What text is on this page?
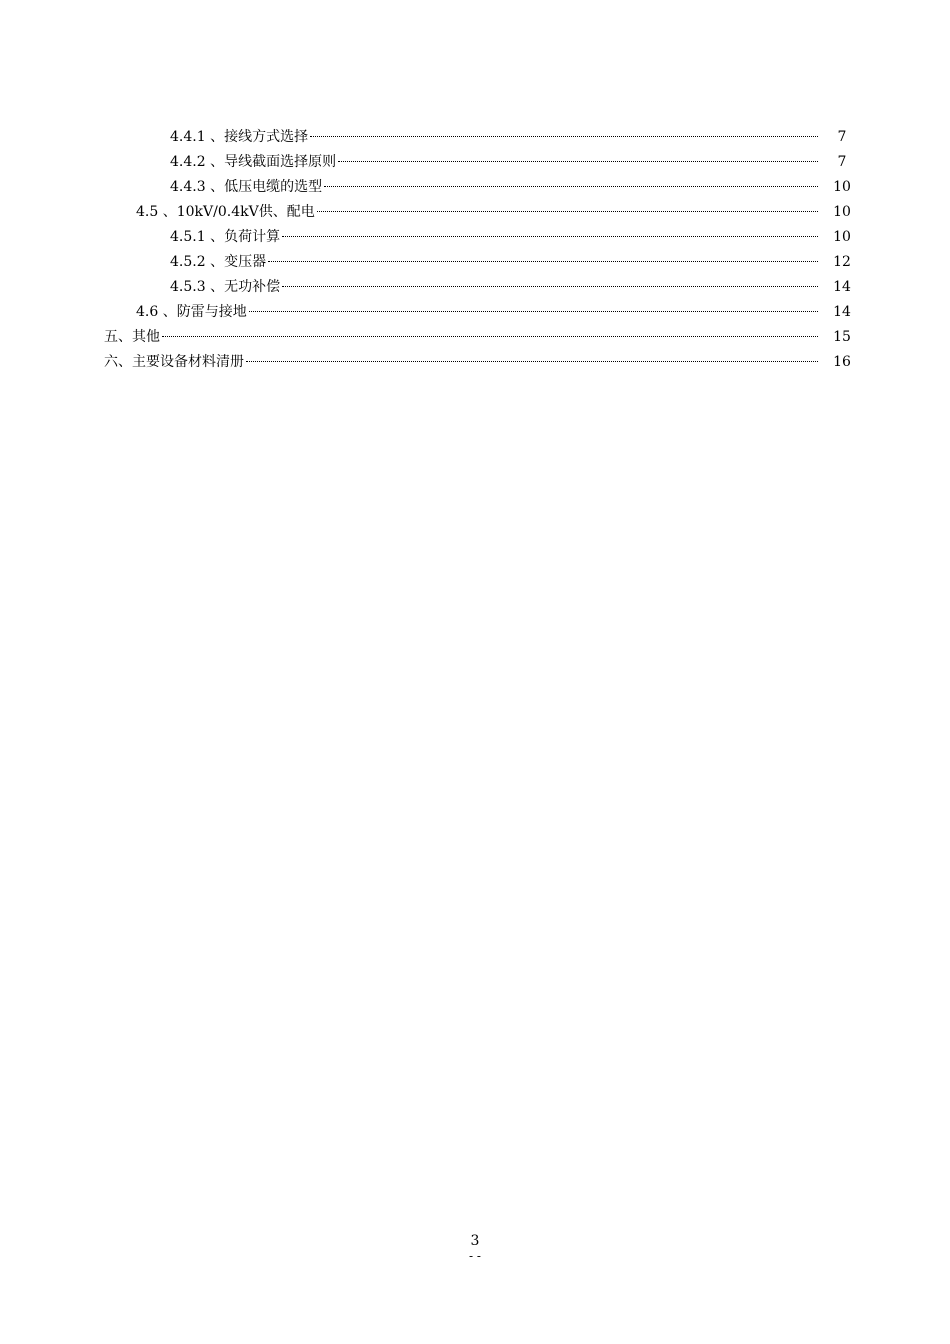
4.4.1 、接线方式选择	7
4.4.2 、导线截面选择原则	7
4.4.3 、低压电缆的选型	10
4.5 、10kV/0.4kV供、配电	10
4.5.1 、负荷计算	10
4.5.2 、变压器	12
4.5.3 、无功补偿	14
4.6 、防雷与接地	14
五、其他	15
六、主要设备材料清册	16
3
- -
